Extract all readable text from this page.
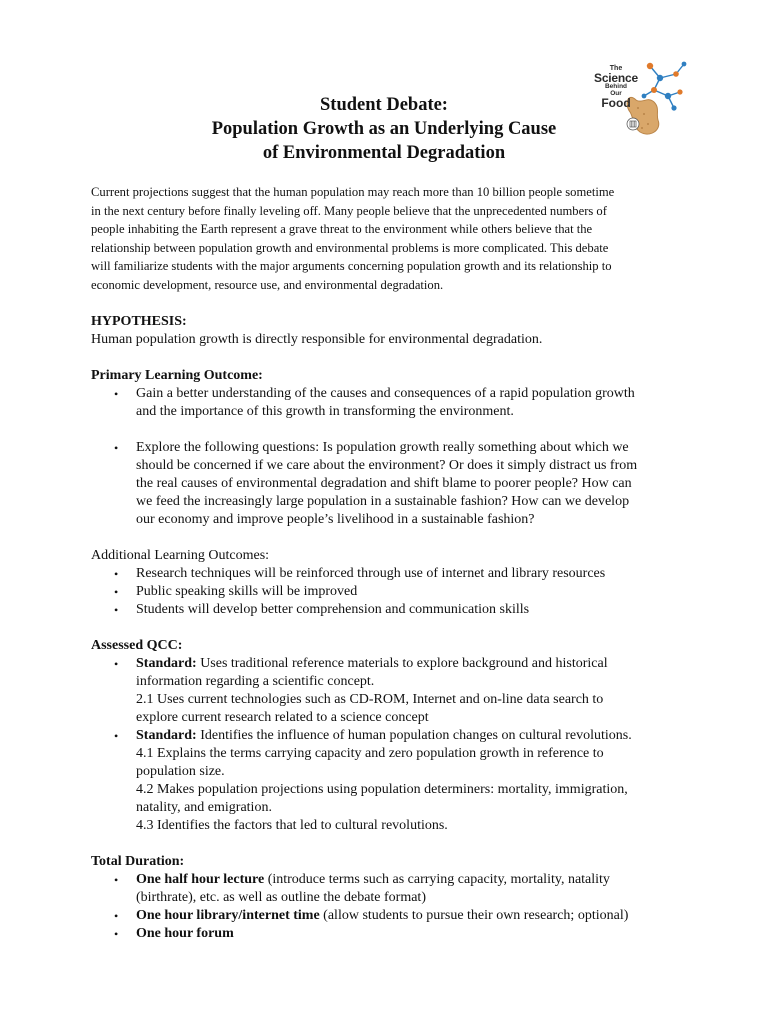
The
Science
Behind
Our
Food
Student Debate:
Population Growth as an Underlying Cause
of Environmental Degradation

Current projections suggest that the human population may reach more than 10 billion people sometime
in the next century before finally leveling off. Many people believe that the unprecedented numbers of
people inhabiting the Earth represent a grave threat to the environment while others believe that the
relationship between population growth and environmental problems is more complicated. This debate
will familiarize students with the major arguments concerning population growth and its relationship to
economic development, resource use, and environmental degradation.

HYPOTHESIS:

Human population growth is directly responsible for environmental degradation.

Primary Learning Outcome:
• Gain a better understanding of the causes and consequences of a rapid population growth
and the importance of this growth in transforming the environment.
• Explore the following questions: Is population growth really something about which we
should be concerned if we care about the environment? Or does it simply distract us from
the real causes of environmental degradation and shift blame to poorer people? How can
we feed the increasingly large population in a sustainable fashion? How can we develop
our economy and improve people’s livelihood in a sustainable fashion?
Additional Learning Outcomes:
• Research techniques will be reinforced through use of internet and library resources
• Public speaking skills will be improved
• Students will develop better comprehension and communication skills
Assessed QCC:
• Standard: Uses traditional reference materials to explore background and historical
information regarding a scientific concept.
2.1 Uses current technologies such as CD-ROM, Internet and on-line data search to
explore current research related to a science concept
• Standard: Identifies the influence of human population changes on cultural revolutions.
4.1 Explains the terms carrying capacity and zero population growth in reference to
population size.
4.2 Makes population projections using population determiners: mortality, immigration,
natality, and emigration.
4.3 Identifies the factors that led to cultural revolutions.
Total Duration:
• One half hour lecture (introduce terms such as carrying capacity, mortality, natality
(birthrate), etc. as well as outline the debate format)
• One hour library/internet time (allow students to pursue their own research; optional)
• One hour forum
